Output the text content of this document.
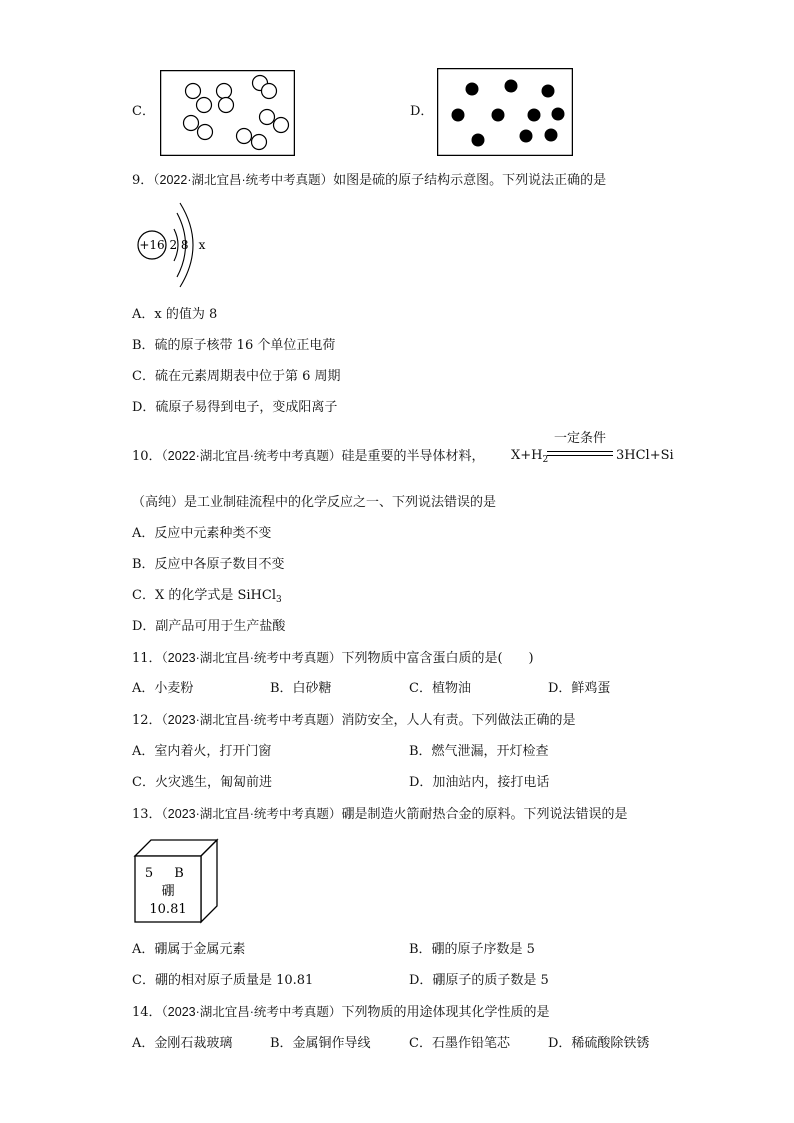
C．	D．
9．（2022·湖北宜昌·统考中考真题）如图是硫的原子结构示意图。下列说法正确的是
+16 2 8 x
A．x 的值为 8
B．硫的原子核带 16 个单位正电荷
C．硫在元素周期表中位于第 6 周期
D．硫原子易得到电子，变成阳离子
10．（2022·湖北宜昌·统考中考真题）硅是重要的半导体材料， $X+H_2$
一定条件
3HCl+Si
（高纯）是工业制硅流程中的化学反应之一、下列说法错误的是
A．反应中元素种类不变
B．反应中各原子数目不变
C．X 的化学式是 SiHCl$_3$
D．副产品可用于生产盐酸
11．（2023·湖北宜昌·统考中考真题）下列物质中富含蛋白质的是(　　)
A．小麦粉	B．白砂糖	C．植物油	D．鲜鸡蛋
12．（2023·湖北宜昌·统考中考真题）消防安全，人人有责。下列做法正确的是
A．室内着火，打开门窗	B．燃气泄漏，开灯检查
C．火灾逃生，匍匐前进	D．加油站内，接打电话
13．（2023·湖北宜昌·统考中考真题）硼是制造火箭耐热合金的原料。下列说法错误的是
5 B
硼
10.81
A．硼属于金属元素	B．硼的原子序数是 5
C．硼的相对原子质量是 10.81	D．硼原子的质子数是 5
14．（2023·湖北宜昌·统考中考真题）下列物质的用途体现其化学性质的是
A．金刚石裁玻璃	B．金属铜作导线	C．石墨作铅笔芯	D．稀硫酸除铁锈
